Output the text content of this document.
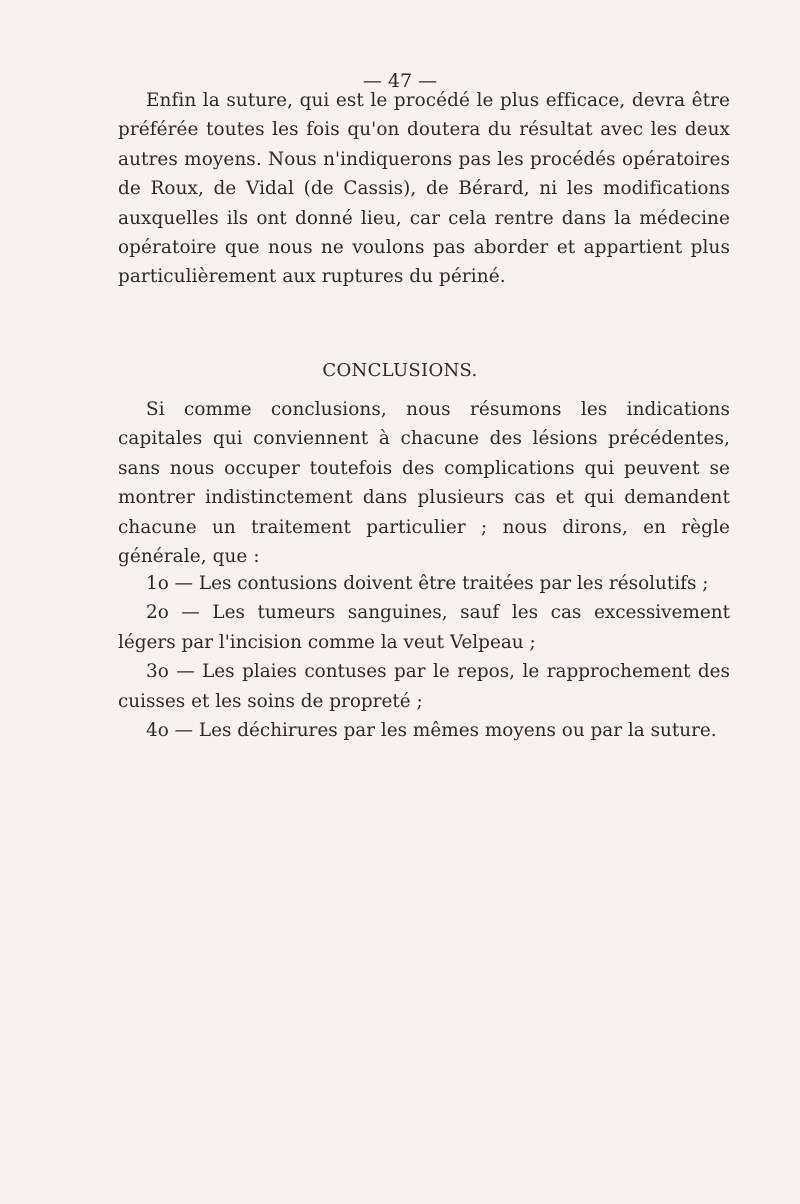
— 47 —

Enfin la suture, qui est le procédé le plus efficace, devra être préférée toutes les fois qu'on doutera du résultat avec les deux autres moyens. Nous n'indiquerons pas les procédés opératoires de Roux, de Vidal (de Cassis), de Bérard, ni les modifications auxquelles ils ont donné lieu, car cela rentre dans la médecine opératoire que nous ne voulons pas aborder et appartient plus particulièrement aux ruptures du périné.

CONCLUSIONS.

Si comme conclusions, nous résumons les indications capitales qui conviennent à chacune des lésions précédentes, sans nous occuper toutefois des complications qui peuvent se montrer indistinctement dans plusieurs cas et qui demandent chacune un traitement particulier ; nous dirons, en règle générale, que :

1o — Les contusions doivent être traitées par les résolutifs ;

2o — Les tumeurs sanguines, sauf les cas excessivement légers par l'incision comme la veut Velpeau ;

3o — Les plaies contuses par le repos, le rapprochement des cuisses et les soins de propreté ;

4o — Les déchirures par les mêmes moyens ou par la suture.
